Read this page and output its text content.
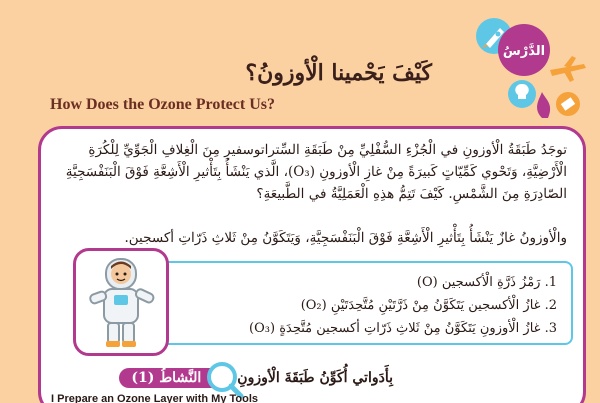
الدَّرْسُ
كَيْفَ يَحْمينا الْأوزونُ؟
How Does the Ozone Protect Us?

توجَدُ طَبَقَةُ الْأوزونِ في الْجُزْءِ السُّفْلِيِّ مِنْ طَبَقَةِ السِّتراتوسفيرِ مِنَ الْغِلافِ الْجَوِّيِّ لِلْكُرَةِ الْأَرْضِيَّةِ، وَتَحْوي كَمِّيّاتٍ كَبيرَةً مِنْ غازِ الْأوزونِ (O₃)، الَّذي يَنْشَأُ بِتَأْثيرِ الْأَشِعَّةِ فَوْقَ الْبَنَفْسَجِيَّةِ الصّادِرَةِ مِنَ الشَّمْسِ. كَيْفَ تَتِمُّ هذِهِ الْعَمَلِيَّةُ في الطَّبيعَةِ؟

والْأوزونُ غازٌ يَنْشَأُ بِتَأْثيرِ الْأَشِعَّةِ فَوْقَ الْبَنَفْسَجِيَّةِ، وَيَتَكَوَّنُ مِنْ ثَلاثِ ذَرّاتِ أكسجين.

1. رَمْزُ ذَرَّةِ الْأكسجين (O)
2. غازُ الْأكسجين يَتَكَوَّنُ مِنْ ذَرَّتَيْنِ مُتَّحِدَتَيْنِ (O₂)
3. غازُ الْأوزونِ يَتَكَوَّنُ مِنْ ثَلاثِ ذَرّاتِ أكسجين مُتَّحِدَةٍ (O₃)
النَّشاطُ (1)	بِأَدَواتي أُكَوِّنُ طَبَقَةَ الْأوزونِ
I Prepare an Ozone Layer with My Tools
